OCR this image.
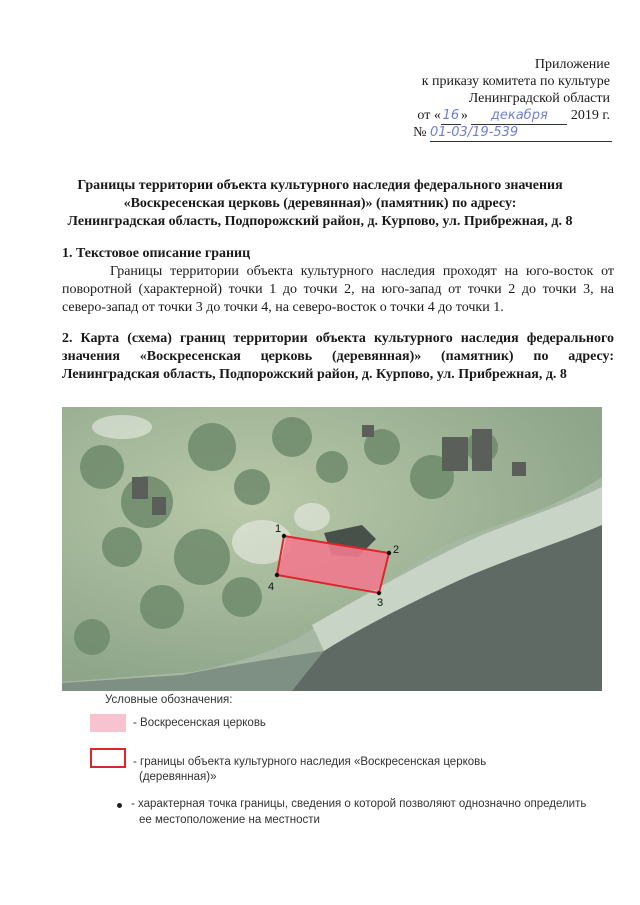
Приложение
к приказу комитета по культуре
Ленинградской области
от « 16 » декабря 2019 г.
№ 01-03/19-539
Границы территории объекта культурного наследия федерального значения
«Воскресенская церковь (деревянная)» (памятник) по адресу:
Ленинградская область, Подпорожский район, д. Курпово, ул. Прибрежная, д. 8
1. Текстовое описание границ
Границы территории объекта культурного наследия проходят на юго-восток от поворотной (характерной) точки 1 до точки 2, на юго-запад от точки 2 до точки 3, на северо-запад от точки 3 до точки 4, на северо-восток о точки 4 до точки 1.
2. Карта (схема) границ территории объекта культурного наследия федерального значения «Воскресенская церковь (деревянная)» (памятник) по адресу: Ленинградская область, Подпорожский район, д. Курпово, ул. Прибрежная, д. 8
1
2
3
4
Условные обозначения:
- Воскресенская церковь
- границы объекта культурного наследия «Воскресенская церковь
(деревянная)»
- характерная точка границы, сведения о которой позволяют однозначно определить
ее местоположение на местности
